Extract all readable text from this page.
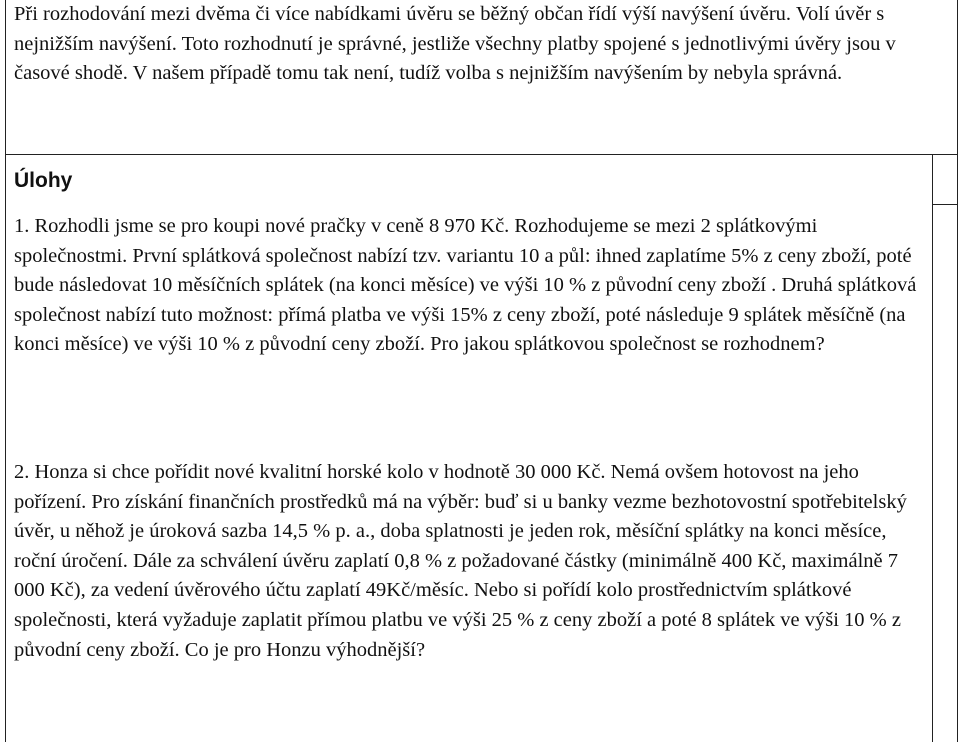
Při rozhodování mezi dvěma či více nabídkami úvěru se běžný občan řídí výší navýšení úvěru. Volí úvěr s nejnižším navýšení. Toto rozhodnutí je správné, jestliže všechny platby spojené s jednotlivými úvěry jsou v časové shodě. V našem případě tomu tak není, tudíž volba s nejnižším navýšením by nebyla správná.

Úlohy

1. Rozhodli jsme se pro koupi nové pračky v ceně 8 970 Kč. Rozhodujeme se mezi 2 splátkovými společnostmi. První splátková společnost nabízí tzv. variantu 10 a půl: ihned zaplatíme 5% z ceny zboží, poté bude následovat 10 měsíčních splátek (na konci měsíce) ve výši 10 % z původní ceny zboží . Druhá splátková společnost nabízí tuto možnost: přímá platba ve výši 15% z ceny zboží, poté následuje 9 splátek měsíčně (na konci měsíce) ve výši 10 % z původní ceny zboží. Pro jakou splátkovou společnost se rozhodnem?

2. Honza si chce pořídit nové kvalitní horské kolo v hodnotě 30 000 Kč. Nemá ovšem hotovost na jeho pořízení. Pro získání finančních prostředků má na výběr: buď si u banky vezme bezhotovostní spotřebitelský úvěr, u něhož je úroková sazba 14,5 % p. a., doba splatnosti je jeden rok, měsíční splátky na konci měsíce, roční úročení. Dále za schválení úvěru zaplatí 0,8 % z požadované částky (minimálně 400 Kč, maximálně 7 000 Kč), za vedení úvěrového účtu zaplatí 49Kč/měsíc. Nebo si pořídí kolo prostřednictvím splátkové společnosti, která vyžaduje zaplatit přímou platbu ve výši 25 % z ceny zboží a poté 8 splátek ve výši 10 % z původní ceny zboží. Co je pro Honzu výhodnější?
